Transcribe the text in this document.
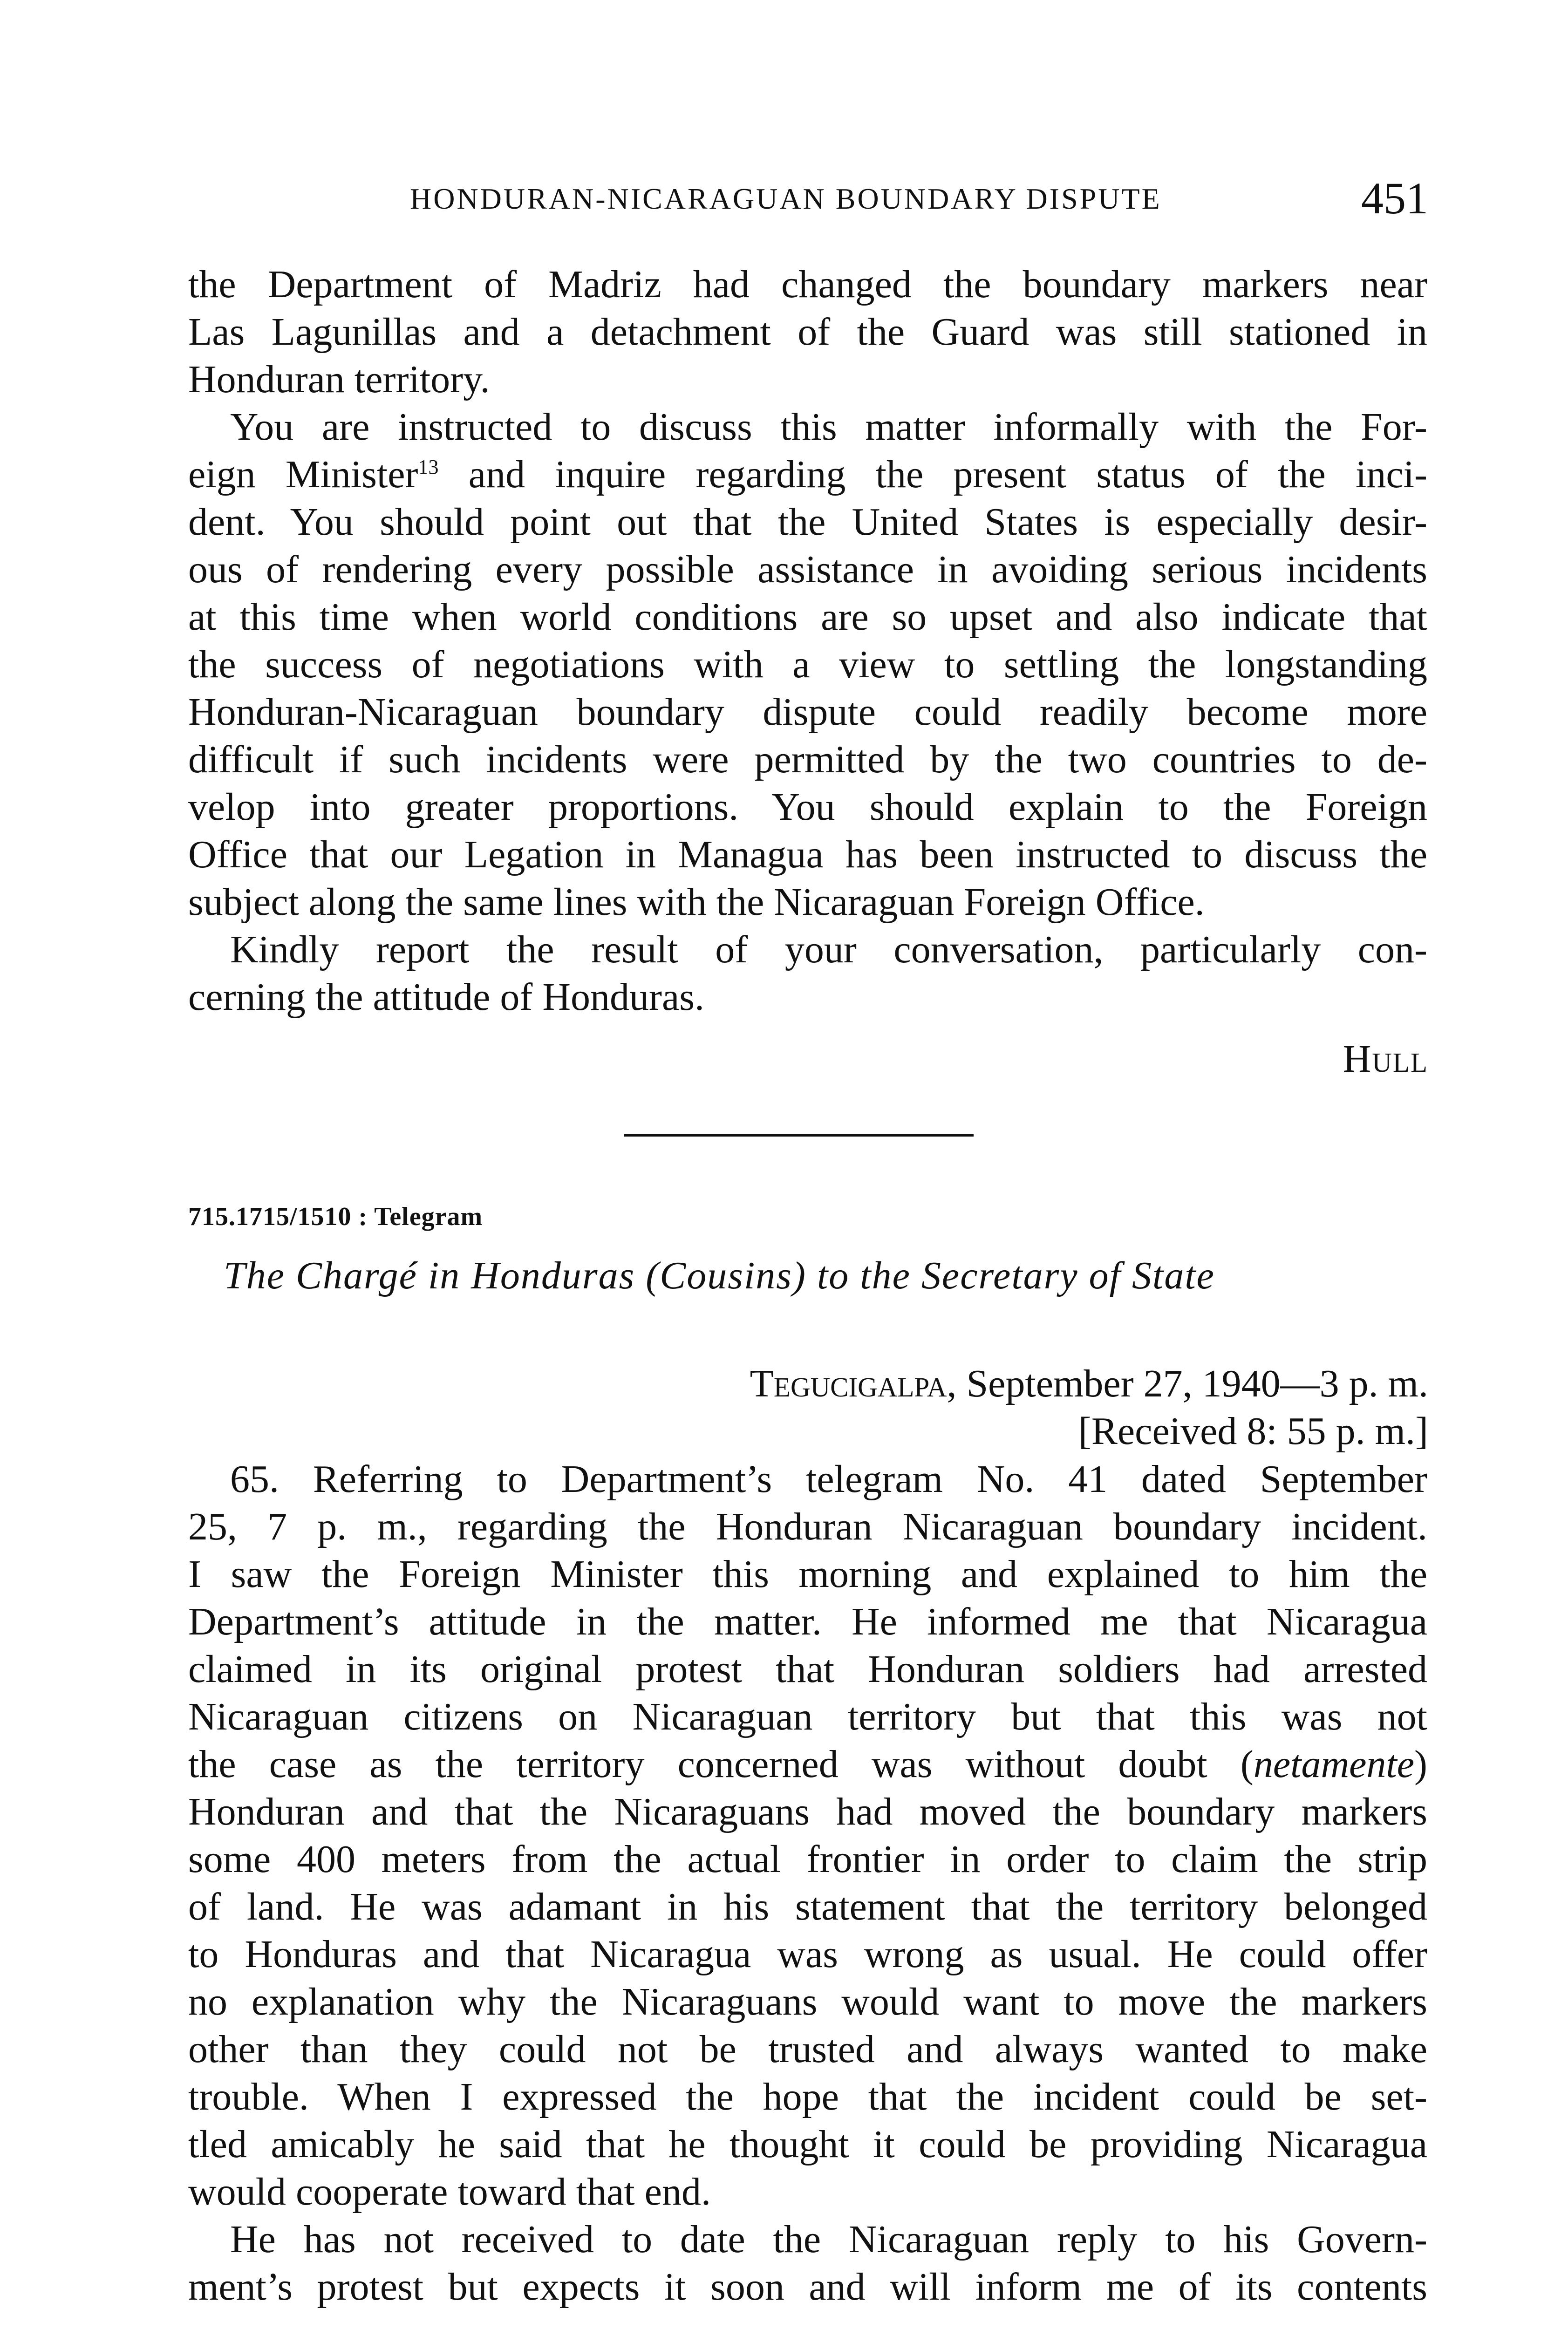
HONDURAN-NICARAGUAN BOUNDARY DISPUTE	451
the Department of Madriz had changed the boundary markers near
Las Lagunillas and a detachment of the Guard was still stationed in
Honduran territory.
You are instructed to discuss this matter informally with the For-
eign Minister$^{13}$ and inquire regarding the present status of the inci-
dent. You should point out that the United States is especially desir-
ous of rendering every possible assistance in avoiding serious incidents
at this time when world conditions are so upset and also indicate that
the success of negotiations with a view to settling the longstanding
Honduran-Nicaraguan boundary dispute could readily become more
difficult if such incidents were permitted by the two countries to de-
velop into greater proportions. You should explain to the Foreign
Office that our Legation in Managua has been instructed to discuss the
subject along the same lines with the Nicaraguan Foreign Office.
Kindly report the result of your conversation, particularly con-
cerning the attitude of Honduras.
Hull
715.1715/1510 : Telegram
The Chargé in Honduras (Cousins) to the Secretary of State
Tegucigalpa, September 27, 1940—3 p. m.
[Received 8: 55 p. m.]
65. Referring to Department’s telegram No. 41 dated September
25, 7 p. m., regarding the Honduran Nicaraguan boundary incident.
I saw the Foreign Minister this morning and explained to him the
Department’s attitude in the matter. He informed me that Nicaragua
claimed in its original protest that Honduran soldiers had arrested
Nicaraguan citizens on Nicaraguan territory but that this was not
the case as the territory concerned was without doubt (netamente)
Honduran and that the Nicaraguans had moved the boundary markers
some 400 meters from the actual frontier in order to claim the strip
of land. He was adamant in his statement that the territory belonged
to Honduras and that Nicaragua was wrong as usual. He could offer
no explanation why the Nicaraguans would want to move the markers
other than they could not be trusted and always wanted to make
trouble. When I expressed the hope that the incident could be set-
tled amicably he said that he thought it could be providing Nicaragua
would cooperate toward that end.
He has not received to date the Nicaraguan reply to his Govern-
ment’s protest but expects it soon and will inform me of its contents
